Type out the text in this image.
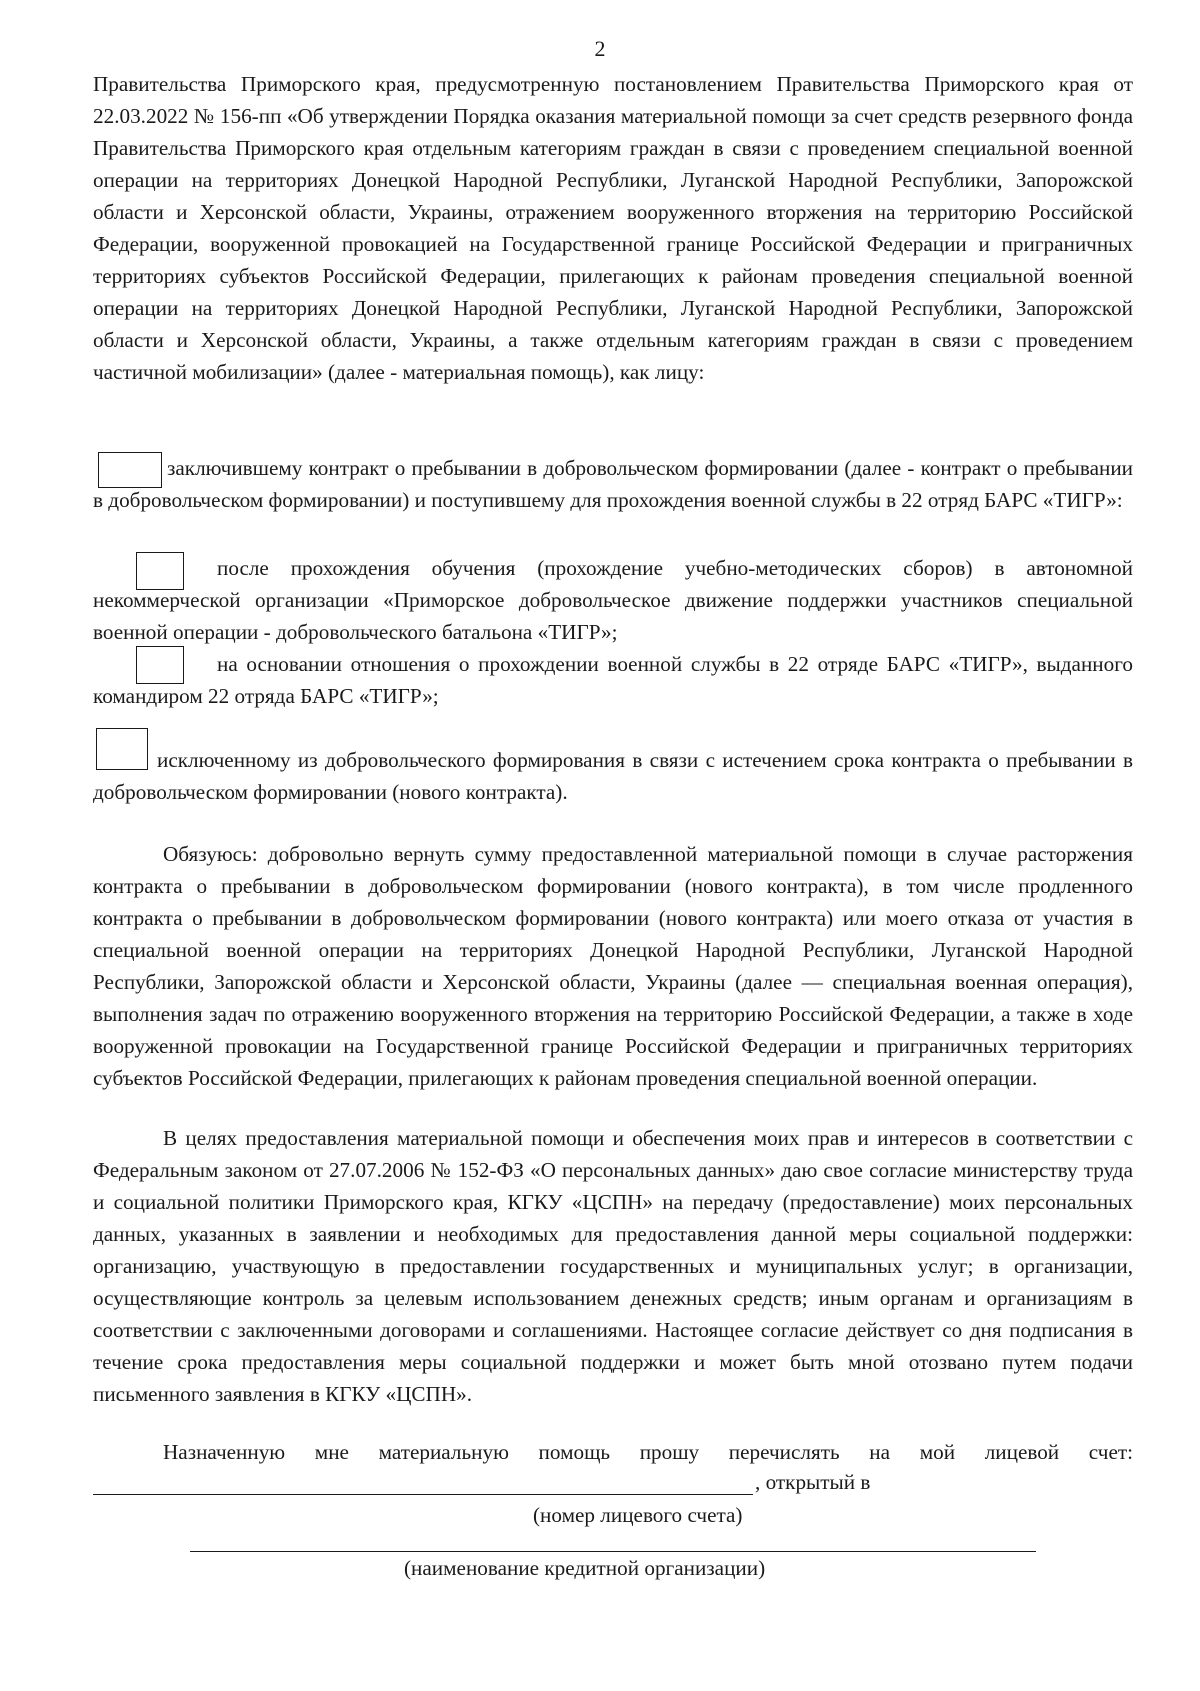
2

Правительства Приморского края, предусмотренную постановлением Правительства Приморского края от 22.03.2022 № 156-пп «Об утверждении Порядка оказания материальной помощи за счет средств резервного фонда Правительства Приморского края отдельным категориям граждан в связи с проведением специальной военной операции на территориях Донецкой Народной Республики, Луганской Народной Республики, Запорожской области и Херсонской области, Украины, отражением вооруженного вторжения на территорию Российской Федерации, вооруженной провокацией на Государственной границе Российской Федерации и приграничных территориях субъектов Российской Федерации, прилегающих к районам проведения специальной военной операции на территориях Донецкой Народной Республики, Луганской Народной Республики, Запорожской области и Херсонской области, Украины, а также отдельным категориям граждан в связи с проведением частичной мобилизации» (далее - материальная помощь), как лицу:

заключившему контракт о пребывании в добровольческом формировании (далее - контракт о пребывании в добровольческом формировании) и поступившему для прохождения военной службы в 22 отряд БАРС «ТИГР»:

после прохождения обучения (прохождение учебно-методических сборов) в автономной некоммерческой организации «Приморское добровольческое движение поддержки участников специальной военной операции - добровольческого батальона «ТИГР»;

на основании отношения о прохождении военной службы в 22 отряде БАРС «ТИГР», выданного командиром 22 отряда БАРС «ТИГР»;

исключенному из добровольческого формирования в связи с истечением срока контракта о пребывании в добровольческом формировании (нового контракта).

Обязуюсь: добровольно вернуть сумму предоставленной материальной помощи в случае расторжения контракта о пребывании в добровольческом формировании (нового контракта), в том числе продленного контракта о пребывании в добровольческом формировании (нового контракта) или моего отказа от участия в специальной военной операции на территориях Донецкой Народной Республики, Луганской Народной Республики, Запорожской области и Херсонской области, Украины (далее — специальная военная операция), выполнения задач по отражению вооруженного вторжения на территорию Российской Федерации, а также в ходе вооруженной провокации на Государственной границе Российской Федерации и приграничных территориях субъектов Российской Федерации, прилегающих к районам проведения специальной военной операции.

В целях предоставления материальной помощи и обеспечения моих прав и интересов в соответствии с Федеральным законом от 27.07.2006 № 152-ФЗ «О персональных данных» даю свое согласие министерству труда и социальной политики Приморского края, КГКУ «ЦСПН» на передачу (предоставление) моих персональных данных, указанных в заявлении и необходимых для предоставления данной меры социальной поддержки: организацию, участвующую в предоставлении государственных и муниципальных услуг; в организации, осуществляющие контроль за целевым использованием денежных средств; иным органам и организациям в соответствии с заключенными договорами и соглашениями. Настоящее согласие действует со дня подписания в течение срока предоставления меры социальной поддержки и может быть мной отозвано путем подачи письменного заявления в КГКУ «ЦСПН».

Назначенную мне материальную помощь прошу перечислять на мой лицевой счет:

, открытый в
(номер лицевого счета)
(наименование кредитной организации)
